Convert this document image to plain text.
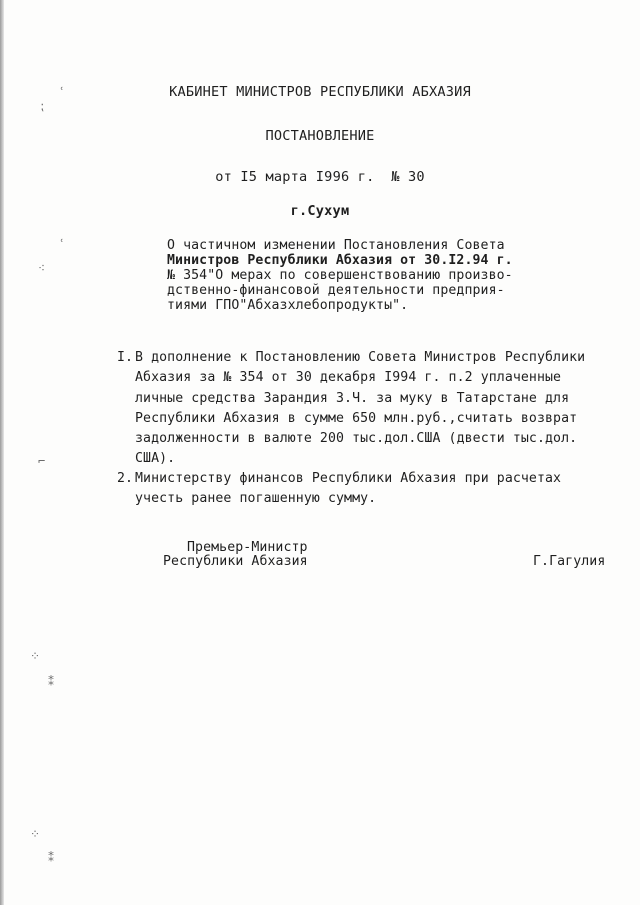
ʿ
⁏
ʿ
⁖
⌐
⁘
⁑
⁘
⁑
КАБИНЕТ МИНИСТРОВ РЕСПУБЛИКИ АБХАЗИЯ
ПОСТАНОВЛЕНИЕ
от I5 марта I996 г.  № 30
г.Сухум
О частичном изменении Постановления Совета
Министров Республики Абхазия от 30.I2.94 г.
№ 354"О мерах по совершенствованию произво-
дственно-финансовой деятельности предприя-
тиями ГПО"Абхазхлебопродукты".
I. В дополнение к Постановлению Совета Министров Республики
Абхазия за № 354 от 30 декабря I994 г. п.2 уплаченные
личные средства Зарандия З.Ч. за муку в Татарстане для
Республики Абхазия в сумме 650 млн.руб.,считать возврат
задолженности в валюте 200 тыс.дол.США (двести тыс.дол.
США).
2. Министерству финансов Республики Абхазия при расчетах
учесть ранее погашенную сумму.
Премьер-Министр
Республики Абхазия	Г.Гагулия
